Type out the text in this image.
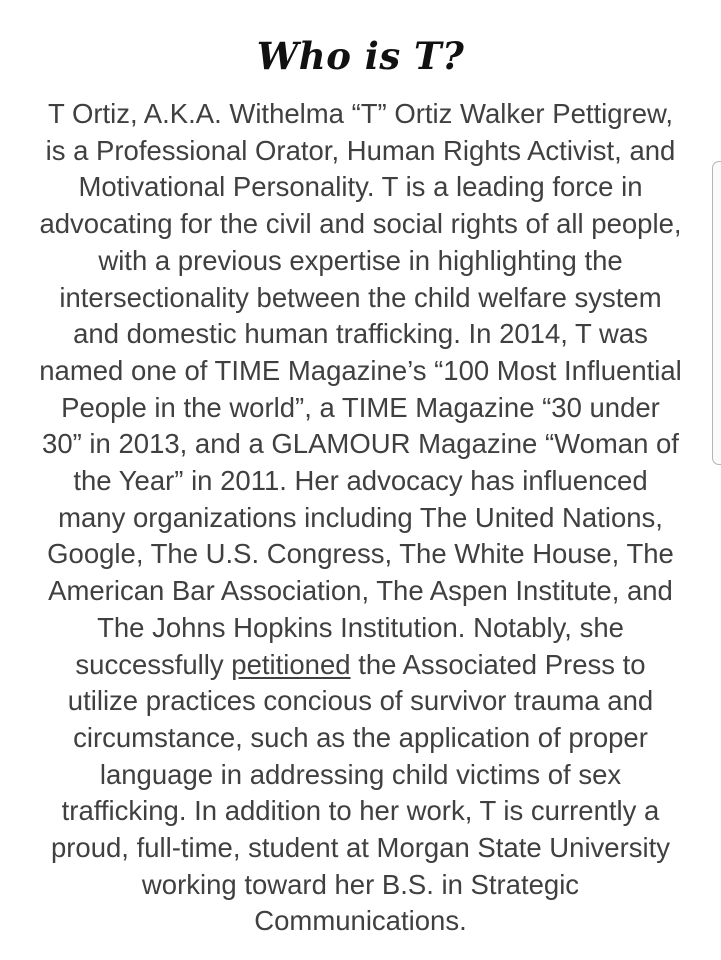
Who is T?
T Ortiz, A.K.A. Withelma “T” Ortiz Walker Pettigrew,
is a Professional Orator, Human Rights Activist, and
Motivational Personality. T is a leading force in
advocating for the civil and social rights of all people,
with a previous expertise in highlighting the
intersectionality between the child welfare system
and domestic human trafficking. In 2014, T was
named one of TIME Magazine’s “100 Most Influential
People in the world”, a TIME Magazine “30 under
30” in 2013, and a GLAMOUR Magazine “Woman of
the Year” in 2011. Her advocacy has influenced
many organizations including The United Nations,
Google, The U.S. Congress, The White House, The
American Bar Association, The Aspen Institute, and
The Johns Hopkins Institution. Notably, she
successfully petitioned the Associated Press to
utilize practices concious of survivor trauma and
circumstance, such as the application of proper
language in addressing child victims of sex
trafficking. In addition to her work, T is currently a
proud, full-time, student at Morgan State University
working toward her B.S. in Strategic
Communications.
